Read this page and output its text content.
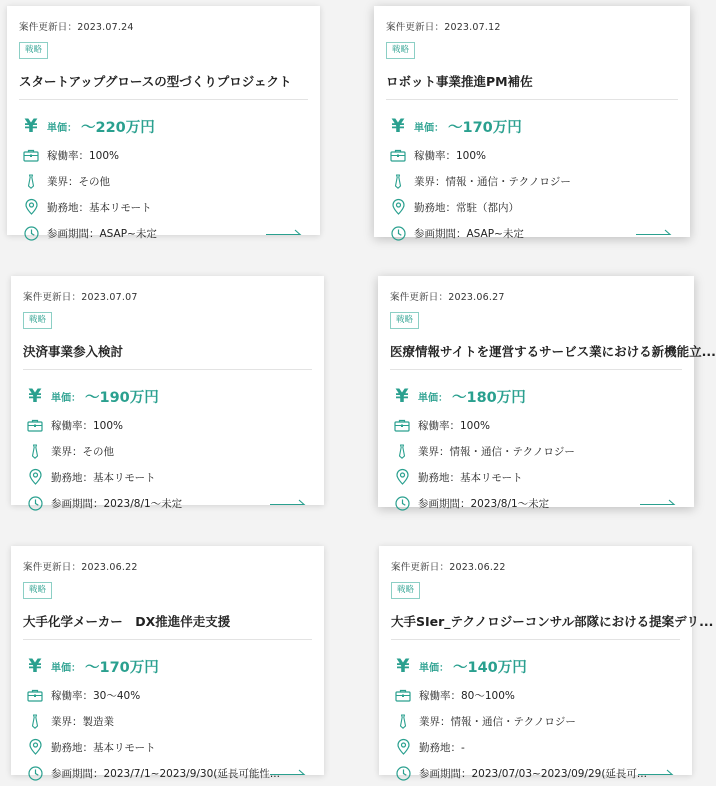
案件更新日：2023.07.24
戦略
スタートアップグロースの型づくりプロジェクト
¥ 単価： 〜220万円
稼働率：100%
業界：その他
勤務地：基本リモート
参画期間：ASAP~未定
案件更新日：2023.07.12
戦略
ロボット事業推進PM補佐
¥ 単価： 〜170万円
稼働率：100%
業界：情報・通信・テクノロジー
勤務地：常駐（都内）
参画期間：ASAP~未定
案件更新日：2023.07.07
戦略
決済事業参入検討
¥ 単価： 〜190万円
稼働率：100%
業界：その他
勤務地：基本リモート
参画期間：2023/8/1〜未定
案件更新日：2023.06.27
戦略
医療情報サイトを運営するサービス業における新機能立...
¥ 単価： 〜180万円
稼働率：100%
業界：情報・通信・テクノロジー
勤務地：基本リモート
参画期間：2023/8/1〜未定
案件更新日：2023.06.22
戦略
大手化学メーカー　DX推進伴走支援
¥ 単価： 〜170万円
稼働率：30〜40%
業界：製造業
勤務地：基本リモート
参画期間：2023/7/1~2023/9/30(延長可能性...
案件更新日：2023.06.22
戦略
大手SIer_テクノロジーコンサル部隊における提案デリ...
¥ 単価： 〜140万円
稼働率：80〜100%
業界：情報・通信・テクノロジー
勤務地：-
参画期間：2023/07/03~2023/09/29(延長可...
